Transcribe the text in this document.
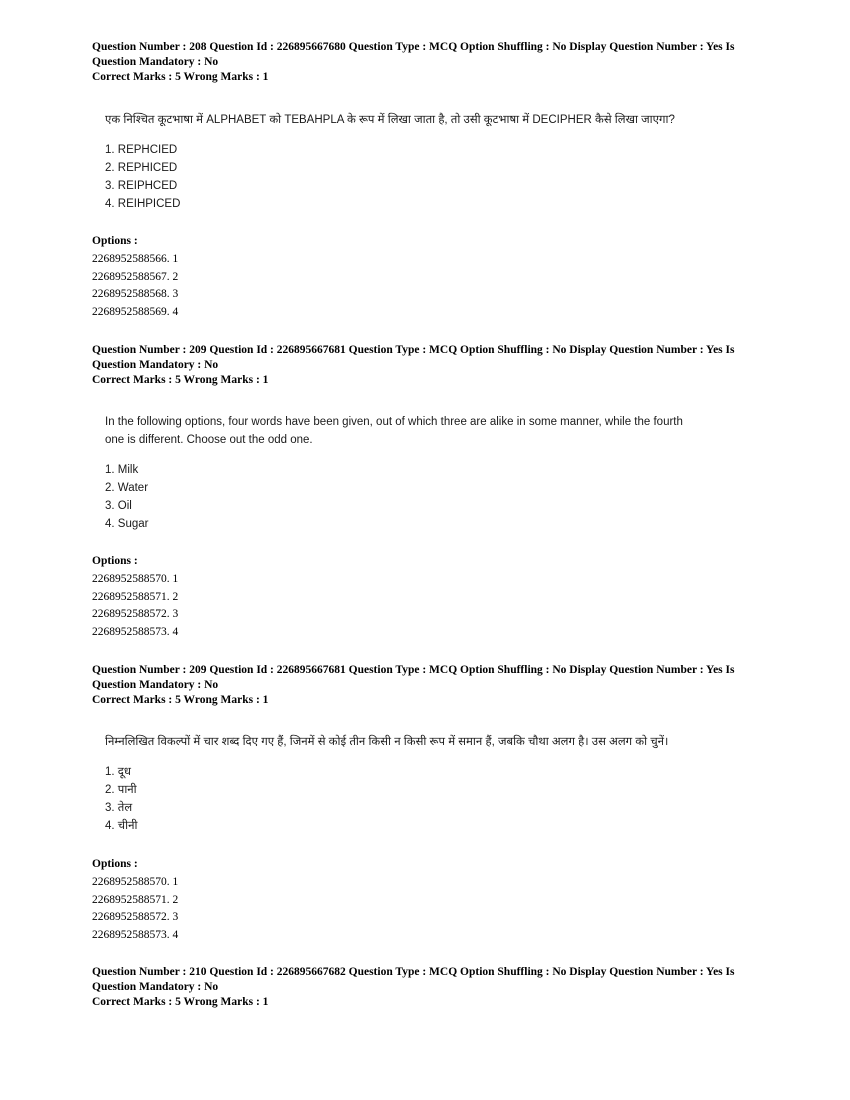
Question Number : 208 Question Id : 226895667680 Question Type : MCQ Option Shuffling : No Display Question Number : Yes Is

Question Mandatory : No

Correct Marks : 5 Wrong Marks : 1

एक निश्चित कूटभाषा में ALPHABET को TEBAHPLA के रूप में लिखा जाता है, तो उसी कूटभाषा में DECIPHER कैसे लिखा जाएगा?

1. REPHCIED
2. REPHICED
3. REIPHCED
4. REIHPICED
Options :
2268952588566. 1
2268952588567. 2
2268952588568. 3
2268952588569. 4

Question Number : 209 Question Id : 226895667681 Question Type : MCQ Option Shuffling : No Display Question Number : Yes Is

Question Mandatory : No

Correct Marks : 5 Wrong Marks : 1

In the following options, four words have been given, out of which three are alike in some manner, while the fourth
one is different. Choose out the odd one.

1. Milk
2. Water
3. Oil
4. Sugar
Options :
2268952588570. 1
2268952588571. 2
2268952588572. 3
2268952588573. 4

Question Number : 209 Question Id : 226895667681 Question Type : MCQ Option Shuffling : No Display Question Number : Yes Is

Question Mandatory : No

Correct Marks : 5 Wrong Marks : 1

निम्नलिखित विकल्पों में चार शब्द दिए गए हैं, जिनमें से कोई तीन किसी न किसी रूप में समान हैं, जबकि चौथा अलग है। उस अलग को चुनें।

1. दूध
2. पानी
3. तेल
4. चीनी
Options :
2268952588570. 1
2268952588571. 2
2268952588572. 3
2268952588573. 4

Question Number : 210 Question Id : 226895667682 Question Type : MCQ Option Shuffling : No Display Question Number : Yes Is

Question Mandatory : No

Correct Marks : 5 Wrong Marks : 1
